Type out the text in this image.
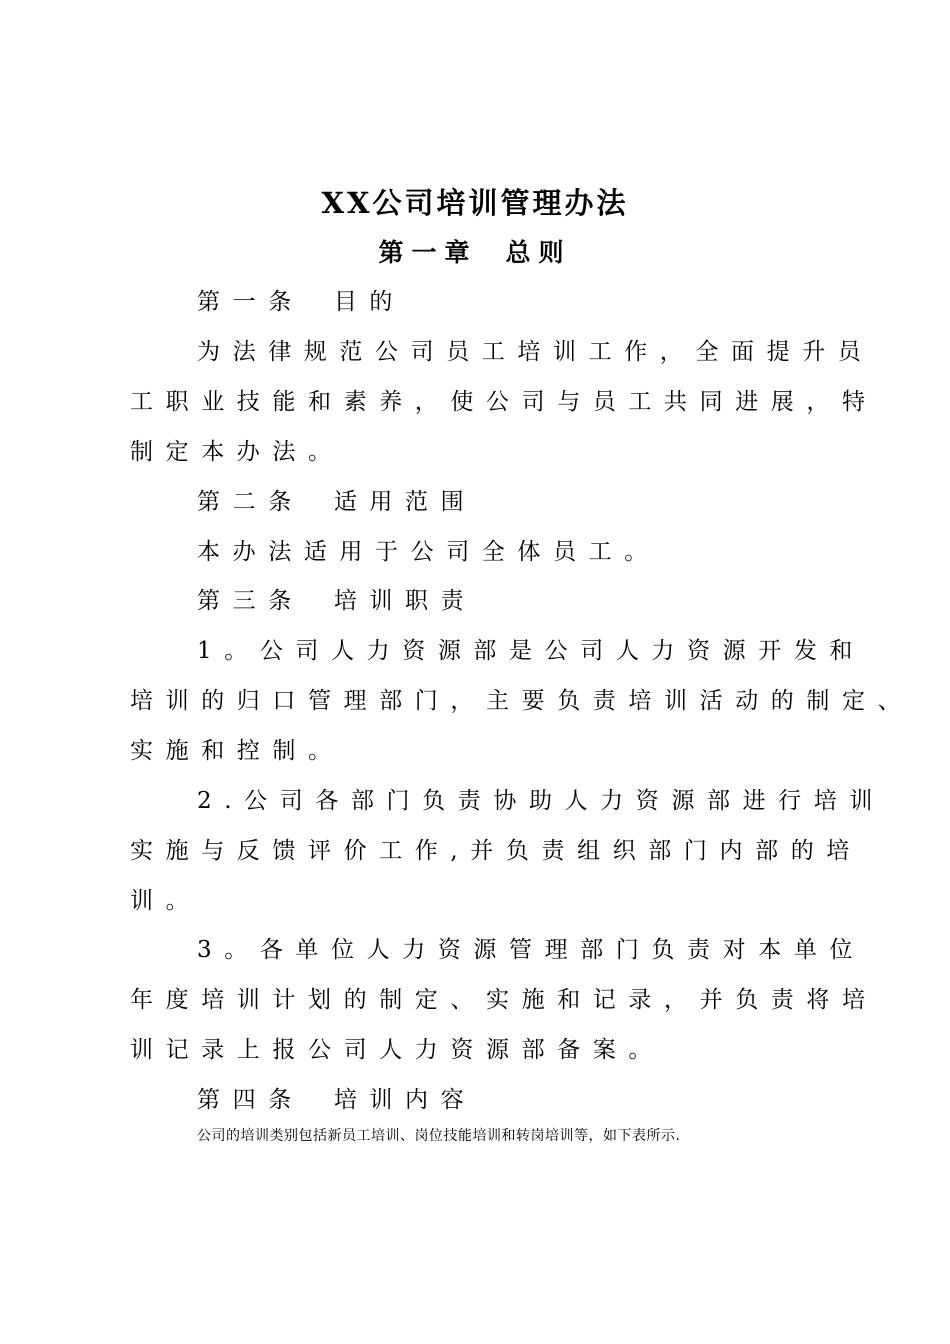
XX公司培训管理办法
第一章 总则
第一条 目的
为法律规范公司员工培训工作，全面提升员
工职业技能和素养，使公司与员工共同进展，特
制定本办法。
第二条 适用范围
本办法适用于公司全体员工。
第三条 培训职责
1。公司人力资源部是公司人力资源开发和
培训的归口管理部门，主要负责培训活动的制定、
实施和控制。
2.公司各部门负责协助人力资源部进行培训
实施与反馈评价工作,并负责组织部门内部的培
训。
3。各单位人力资源管理部门负责对本单位
年度培训计划的制定、实施和记录，并负责将培
训记录上报公司人力资源部备案。
第四条 培训内容
公司的培训类别包括新员工培训、岗位技能培训和转岗培训等，如下表所示.
